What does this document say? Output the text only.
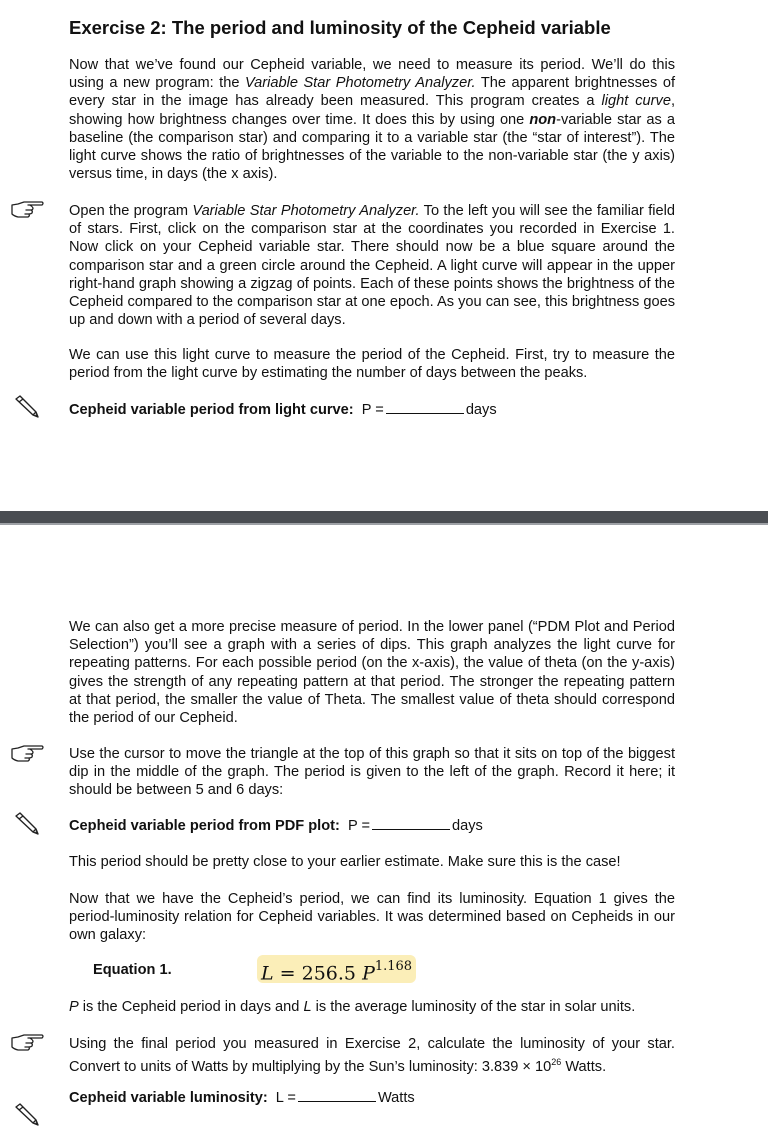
Exercise 2: The period and luminosity of the Cepheid variable
Now that we’ve found our Cepheid variable, we need to measure its period. We’ll do this using a new program: the Variable Star Photometry Analyzer. The apparent brightnesses of every star in the image has already been measured. This program creates a light curve, showing how brightness changes over time. It does this by using one non-variable star as a baseline (the comparison star) and comparing it to a variable star (the “star of interest”). The light curve shows the ratio of brightnesses of the variable to the non-variable star (the y axis) versus time, in days (the x axis).
Open the program Variable Star Photometry Analyzer. To the left you will see the familiar field of stars. First, click on the comparison star at the coordinates you recorded in Exercise 1. Now click on your Cepheid variable star. There should now be a blue square around the comparison star and a green circle around the Cepheid. A light curve will appear in the upper right-hand graph showing a zigzag of points. Each of these points shows the brightness of the Cepheid compared to the comparison star at one epoch. As you can see, this brightness goes up and down with a period of several days.
We can use this light curve to measure the period of the Cepheid. First, try to measure the period from the light curve by estimating the number of days between the peaks.
Cepheid variable period from light curve: P =	days
We can also get a more precise measure of period. In the lower panel (“PDM Plot and Period Selection”) you’ll see a graph with a series of dips. This graph analyzes the light curve for repeating patterns. For each possible period (on the x-axis), the value of theta (on the y-axis) gives the strength of any repeating pattern at that period. The stronger the repeating pattern at that period, the smaller the value of Theta. The smallest value of theta should correspond the period of our Cepheid.
Use the cursor to move the triangle at the top of this graph so that it sits on top of the biggest dip in the middle of the graph. The period is given to the left of the graph. Record it here; it should be between 5 and 6 days:
Cepheid variable period from PDF plot: P =	days
This period should be pretty close to your earlier estimate. Make sure this is the case!
Now that we have the Cepheid’s period, we can find its luminosity. Equation 1 gives the period-luminosity relation for Cepheid variables. It was determined based on Cepheids in our own galaxy:
Equation 1.	L = 256.5 $P^{1.168}$
P is the Cepheid period in days and L is the average luminosity of the star in solar units.
Using the final period you measured in Exercise 2, calculate the luminosity of your star. Convert to units of Watts by multiplying by the Sun’s luminosity: $3.839 \times 10^{26}$ Watts.
Cepheid variable luminosity: L =	Watts
